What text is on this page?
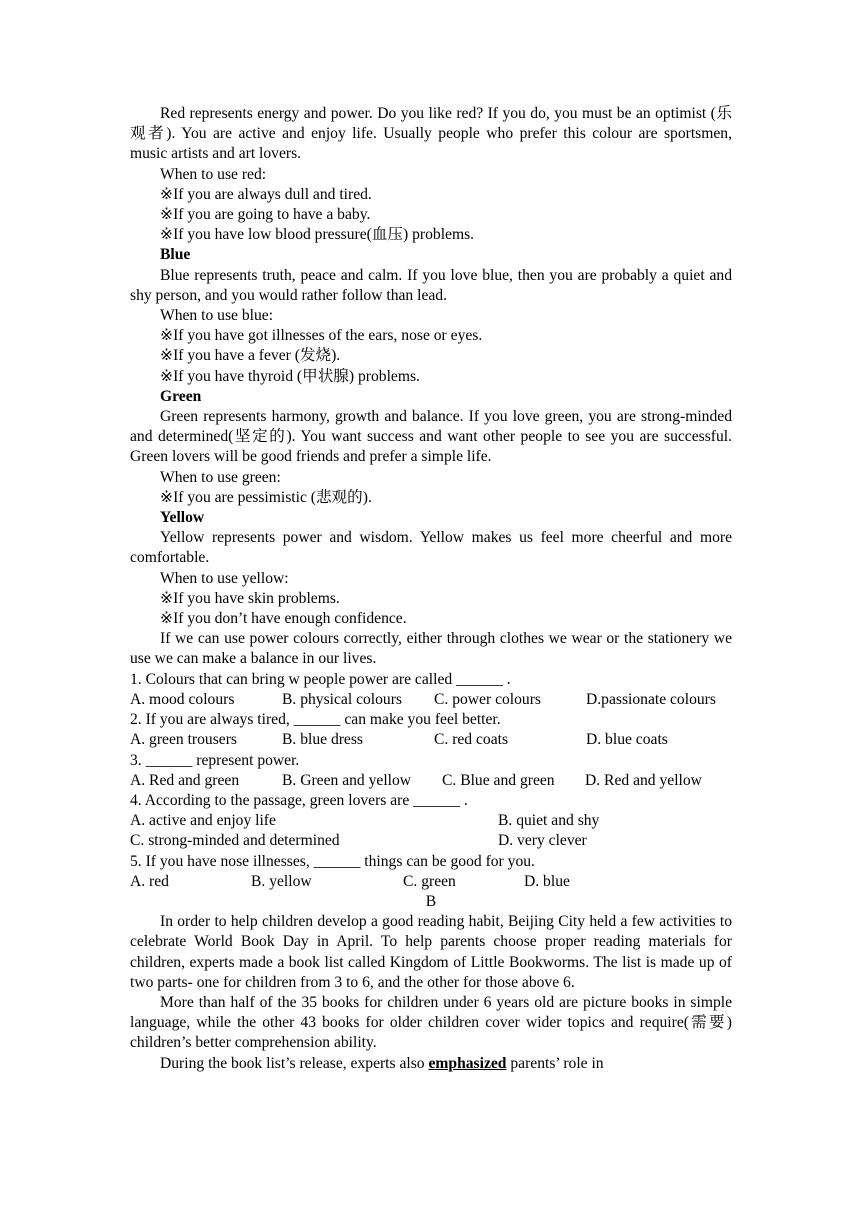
Red represents energy and power. Do you like red? If you do, you must be an optimist (乐观者). You are active and enjoy life. Usually people who prefer this colour are sportsmen, music artists and art lovers.

When to use red:

※If you are always dull and tired.

※If you are going to have a baby.

※If you have low blood pressure(血压) problems.

Blue

Blue represents truth, peace and calm. If you love blue, then you are probably a quiet and shy person, and you would rather follow than lead.

When to use blue:

※If you have got illnesses of the ears, nose or eyes.

※If you have a fever (发烧).

※If you have thyroid (甲状腺) problems.

Green

Green represents harmony, growth and balance. If you love green, you are strong-minded and determined(坚定的). You want success and want other people to see you are successful. Green lovers will be good friends and prefer a simple life.

When to use green:

※If you are pessimistic (悲观的).

Yellow

Yellow represents power and wisdom. Yellow makes us feel more cheerful and more comfortable.

When to use yellow:

※If you have skin problems.

※If you don’t have enough confidence.

If we can use power colours correctly, either through clothes we wear or the stationery we use we can make a balance in our lives.

1. Colours that can bring w people power are called ______ .

A. mood colours	B. physical colours	C. power colours	D.passionate colours

2. If you are always tired, ______ can make you feel better.

A. green trousers	B. blue dress	C. red coats	D. blue coats

3. ______ represent power.

A. Red and green	B. Green and yellow	C. Blue and green	D. Red and yellow

4. According to the passage, green lovers are ______ .

A. active and enjoy life	B. quiet and shy
C. strong-minded and determined	D. very clever

5. If you have nose illnesses, ______ things can be good for you.

A. red	B. yellow	C. green	D. blue

B

In order to help children develop a good reading habit, Beijing City held a few activities to celebrate World Book Day in April. To help parents choose proper reading materials for children, experts made a book list called Kingdom of Little Bookworms. The list is made up of two parts- one for children from 3 to 6, and the other for those above 6.

More than half of the 35 books for children under 6 years old are picture books in simple language, while the other 43 books for older children cover wider topics and require(需要) children’s better comprehension ability.

During the book list’s release, experts also emphasized parents’ role in
